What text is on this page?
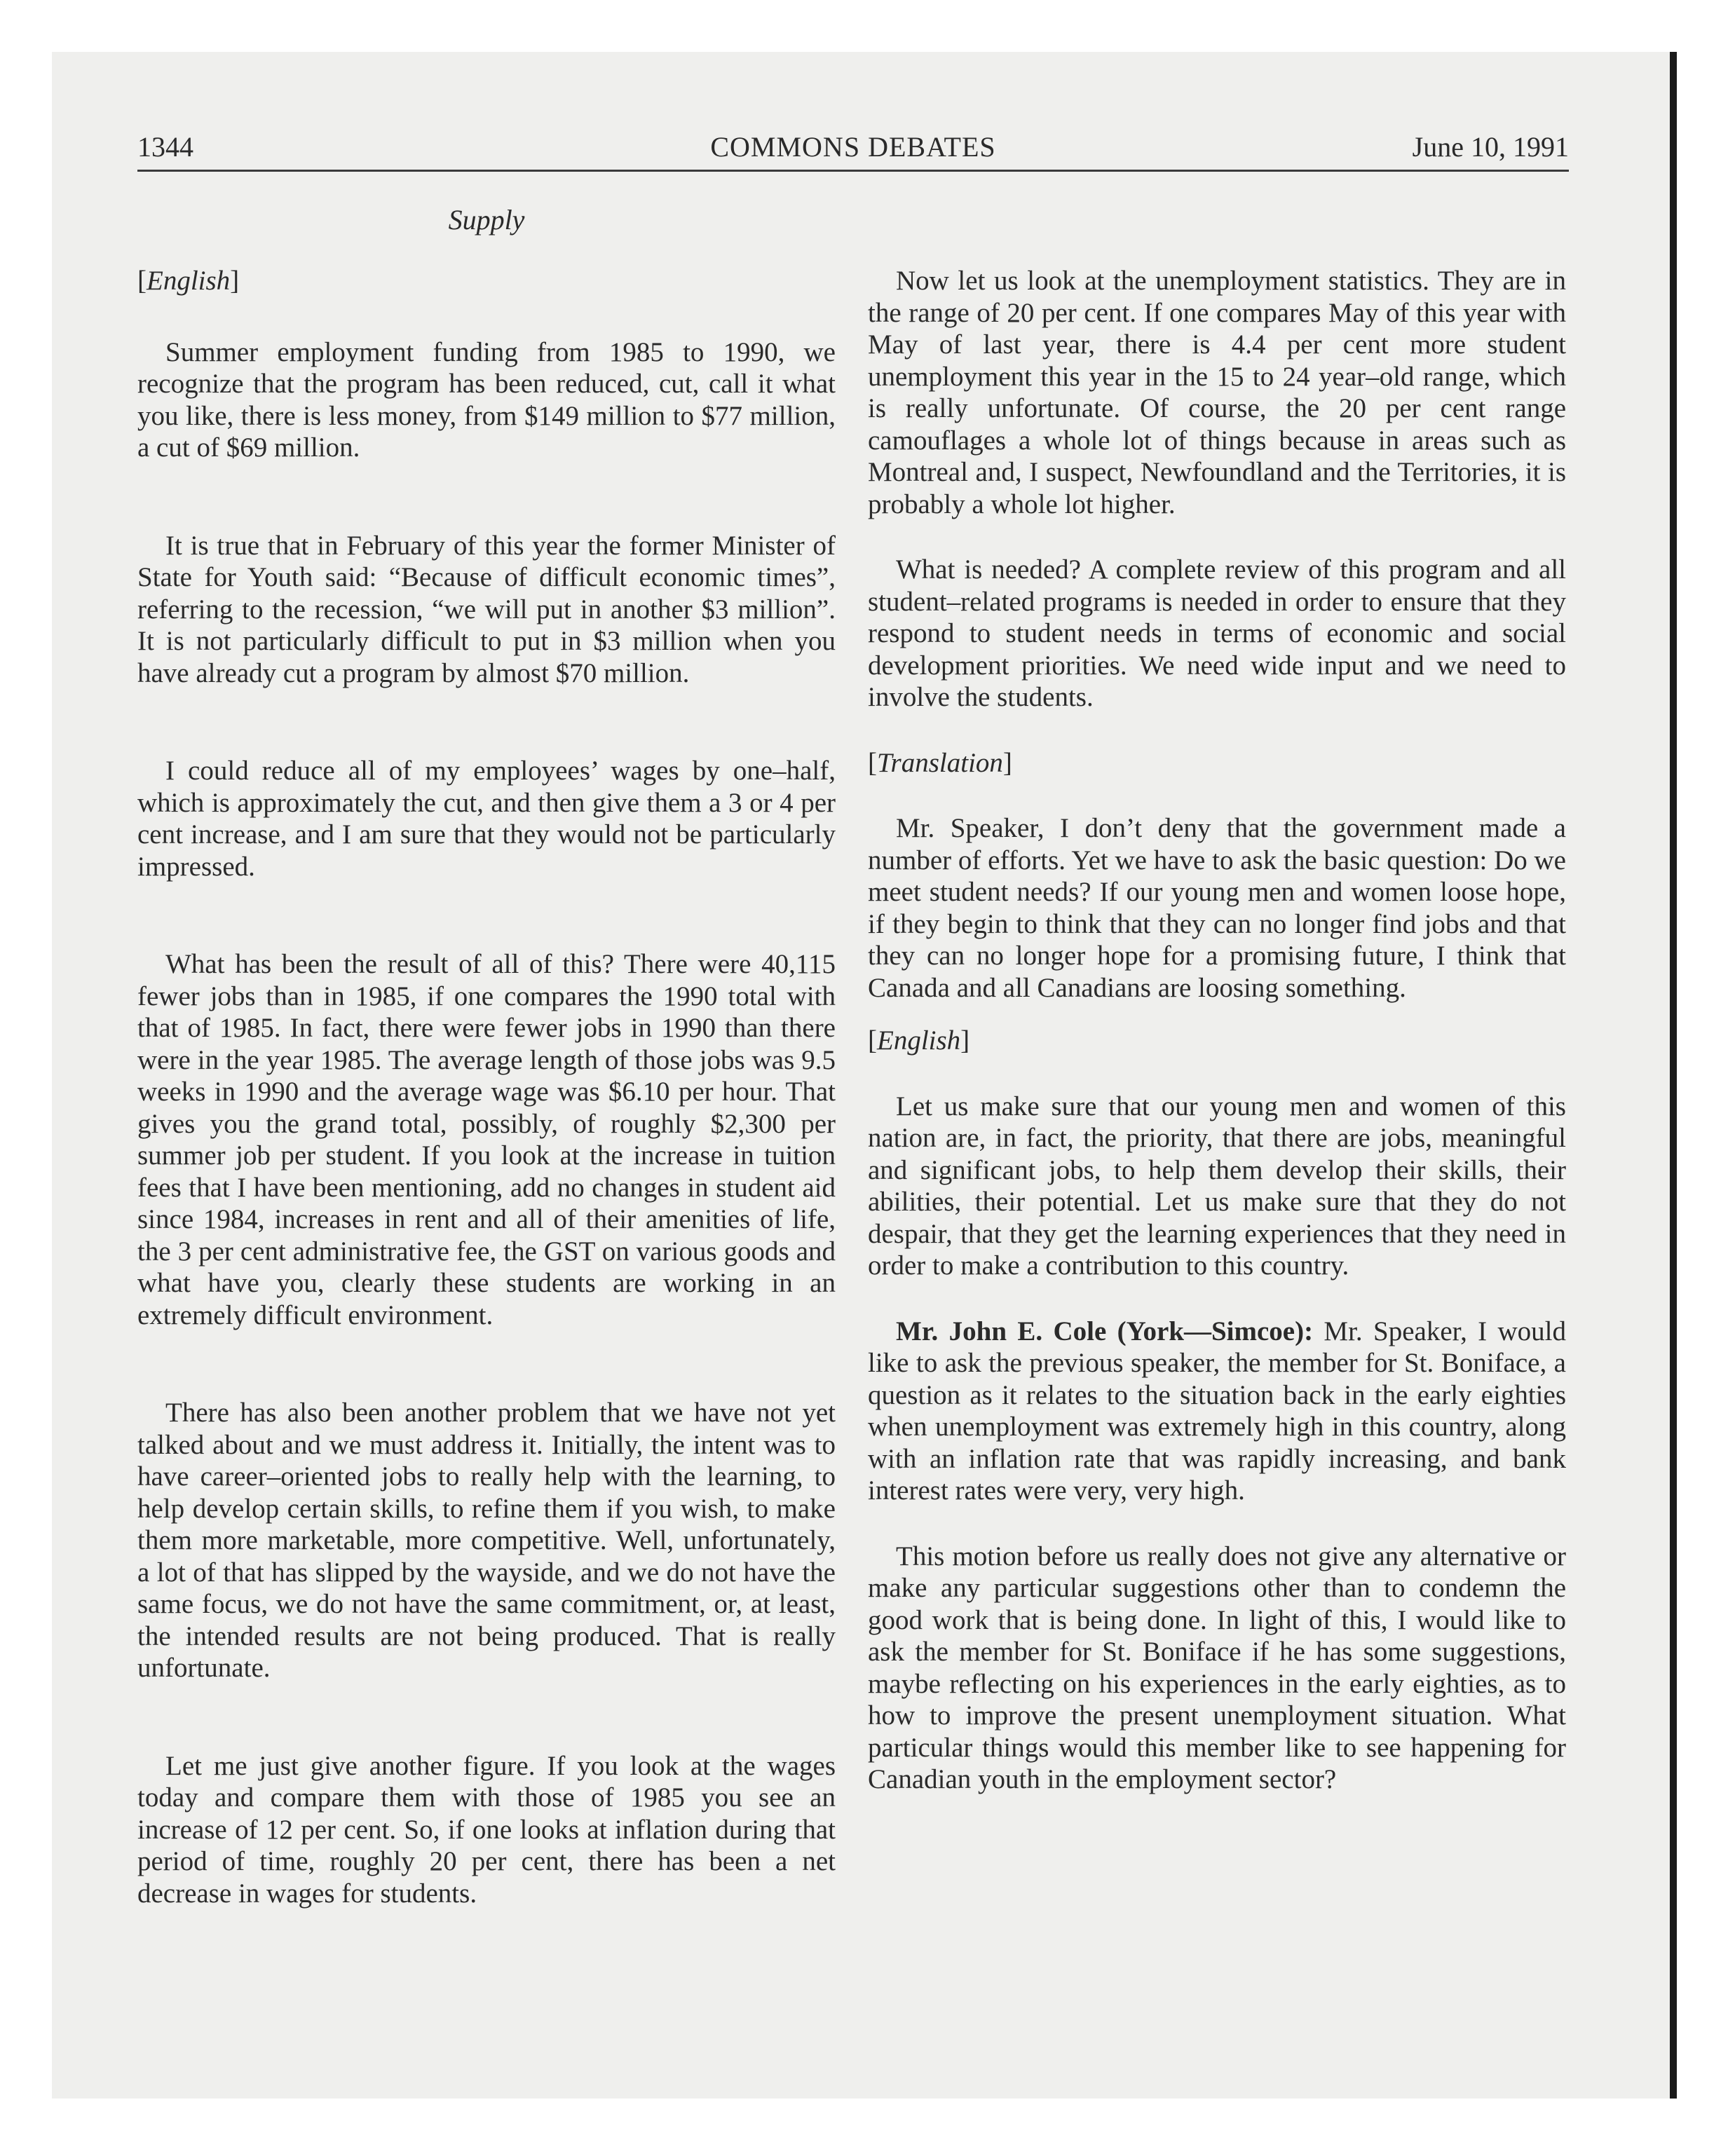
1344	COMMONS DEBATES	June 10, 1991
Supply

[English]

Summer employment funding from 1985 to 1990, we recognize that the program has been reduced, cut, call it what you like, there is less money, from $149 million to $77 million, a cut of $69 million.

It is true that in February of this year the former Minister of State for Youth said: “Because of difficult economic times”, referring to the recession, “we will put in another $3 million”. It is not particularly difficult to put in $3 million when you have already cut a program by almost $70 million.

I could reduce all of my employees’ wages by one–half, which is approximately the cut, and then give them a 3 or 4 per cent increase, and I am sure that they would not be particularly impressed.

What has been the result of all of this? There were 40,115 fewer jobs than in 1985, if one compares the 1990 total with that of 1985. In fact, there were fewer jobs in 1990 than there were in the year 1985. The average length of those jobs was 9.5 weeks in 1990 and the average wage was $6.10 per hour. That gives you the grand total, possibly, of roughly $2,300 per summer job per student. If you look at the increase in tuition fees that I have been mentioning, add no changes in student aid since 1984, increases in rent and all of their amenities of life, the 3 per cent administrative fee, the GST on various goods and what have you, clearly these students are working in an extremely difficult environment.

There has also been another problem that we have not yet talked about and we must address it. Initially, the intent was to have career–oriented jobs to really help with the learning, to help develop certain skills, to refine them if you wish, to make them more marketable, more competitive. Well, unfortunately, a lot of that has slipped by the wayside, and we do not have the same focus, we do not have the same commitment, or, at least, the intended results are not being produced. That is really unfortunate.

Let me just give another figure. If you look at the wages today and compare them with those of 1985 you see an increase of 12 per cent. So, if one looks at inflation during that period of time, roughly 20 per cent, there has been a net decrease in wages for students.

Now let us look at the unemployment statistics. They are in the range of 20 per cent. If one compares May of this year with May of last year, there is 4.4 per cent more student unemployment this year in the 15 to 24 year–old range, which is really unfortunate. Of course, the 20 per cent range camouflages a whole lot of things because in areas such as Montreal and, I suspect, Newfoundland and the Territories, it is probably a whole lot higher.

What is needed? A complete review of this program and all student–related programs is needed in order to ensure that they respond to student needs in terms of economic and social development priorities. We need wide input and we need to involve the students.

[Translation]

Mr. Speaker, I don’t deny that the government made a number of efforts. Yet we have to ask the basic question: Do we meet student needs? If our young men and women loose hope, if they begin to think that they can no longer find jobs and that they can no longer hope for a promising future, I think that Canada and all Canadians are loosing something.

[English]

Let us make sure that our young men and women of this nation are, in fact, the priority, that there are jobs, meaningful and significant jobs, to help them develop their skills, their abilities, their potential. Let us make sure that they do not despair, that they get the learning experiences that they need in order to make a contribution to this country.

Mr. John E. Cole (York—Simcoe): Mr. Speaker, I would like to ask the previous speaker, the member for St. Boniface, a question as it relates to the situation back in the early eighties when unemployment was extremely high in this country, along with an inflation rate that was rapidly increasing, and bank interest rates were very, very high.

This motion before us really does not give any alternative or make any particular suggestions other than to condemn the good work that is being done. In light of this, I would like to ask the member for St. Boniface if he has some suggestions, maybe reflecting on his experiences in the early eighties, as to how to improve the present unemployment situation. What particular things would this member like to see happening for Canadian youth in the employment sector?
